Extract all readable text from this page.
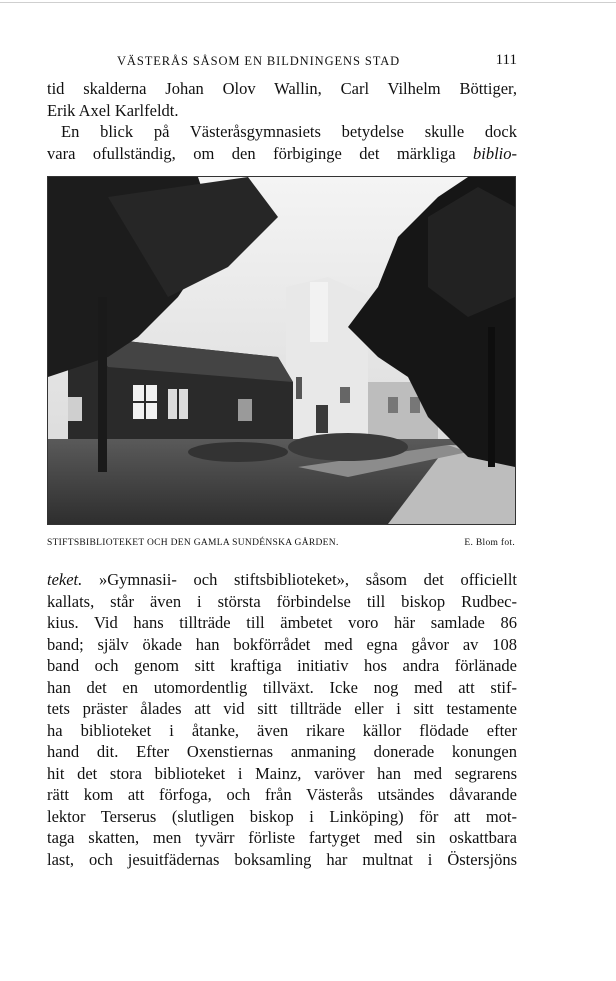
VÄSTERÅS SÅSOM EN BILDNINGENS STAD	111
tid skalderna Johan Olov Wallin, Carl Vilhelm Böttiger,
Erik Axel Karlfeldt.
En blick på Västeråsgymnasiets betydelse skulle dock
vara ofullständig, om den förbiginge det märkliga biblio-
STIFTSBIBLIOTEKET OCH DEN GAMLA SUNDÉNSKA GÅRDEN.	E. Blom fot.
teket. »Gymnasii- och stiftsbiblioteket», såsom det officiellt
kallats, står även i största förbindelse till biskop Rudbec-
kius. Vid hans tillträde till ämbetet voro här samlade 86
band; själv ökade han bokförrådet med egna gåvor av 108
band och genom sitt kraftiga initiativ hos andra förlänade
han det en utomordentlig tillväxt. Icke nog med att stif-
tets präster ålades att vid sitt tillträde eller i sitt testamente
ha biblioteket i åtanke, även rikare källor flödade efter
hand dit. Efter Oxenstiernas anmaning donerade konungen
hit det stora biblioteket i Mainz, varöver han med segrarens
rätt kom att förfoga, och från Västerås utsändes dåvarande
lektor Terserus (slutligen biskop i Linköping) för att mot-
taga skatten, men tyvärr förliste fartyget med sin oskattbara
last, och jesuitfädernas boksamling har multnat i Östersjöns
